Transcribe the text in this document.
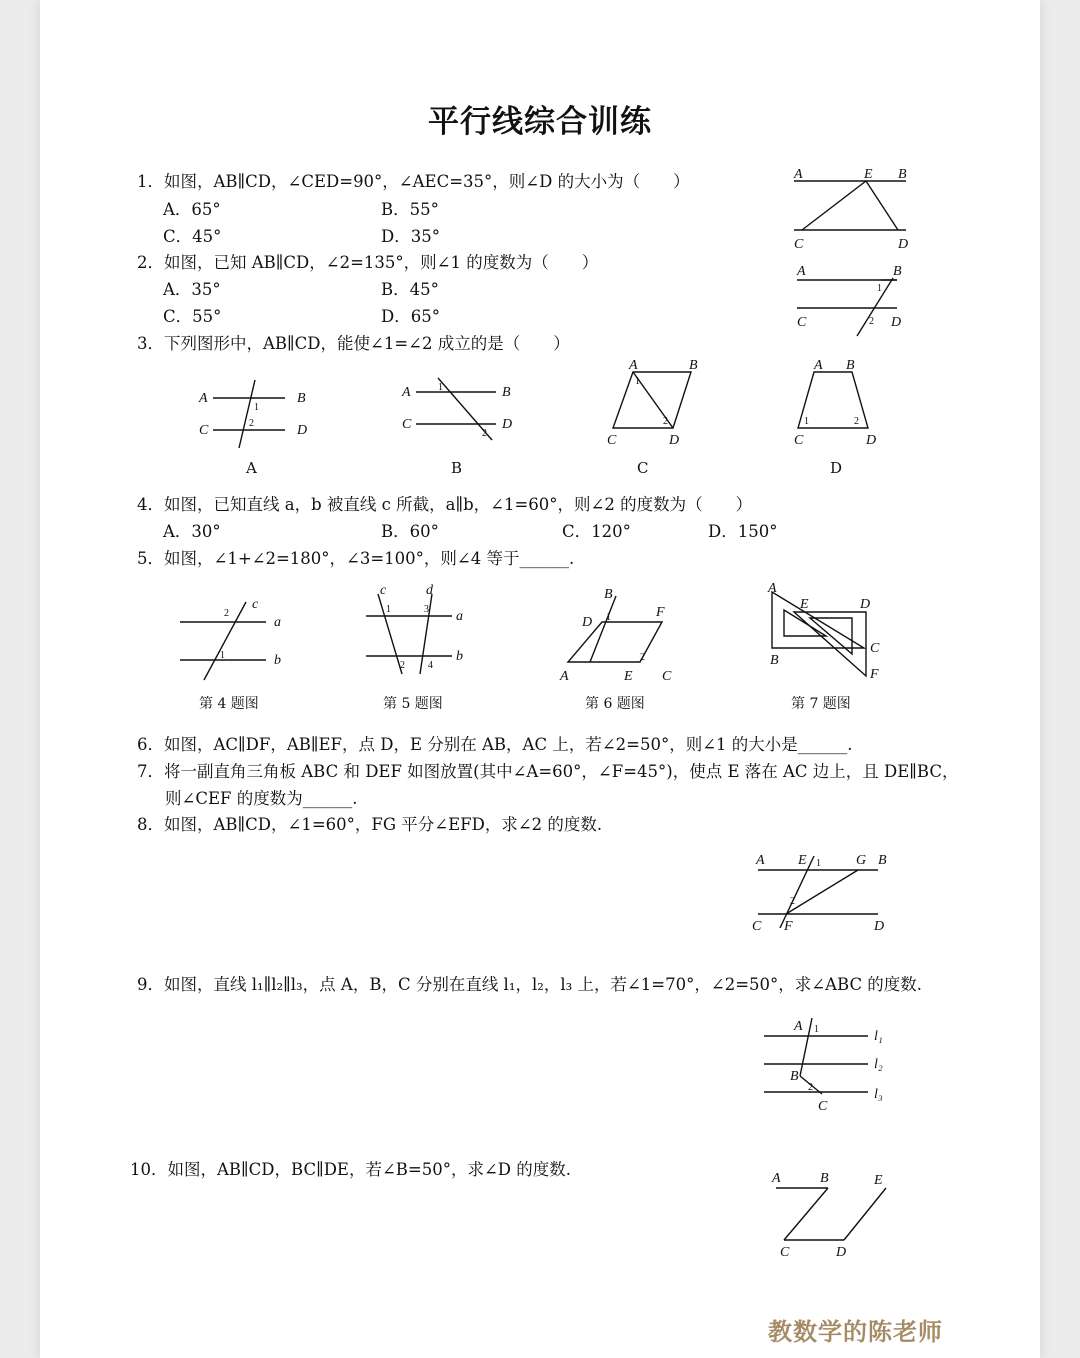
平行线综合训练
1．如图，AB∥CD，∠CED=90°，∠AEC=35°，则∠D 的大小为（　　）
A．65°	B．55°
C．45°	D．35°
2．如图，已知 AB∥CD，∠2=135°，则∠1 的度数为（　　）
A．35°	B．45°
C．55°	D．65°
A	E B
C	D
A	B
C	D
1
2
3．下列图形中，AB∥CD，能使∠1=∠2 成立的是（　　）
A	B
C	D
1
2
A
A	B
C	D
1
2
B
A	B
C	D
1
2
C
A B
C	D
1	2
D
4．如图，已知直线 a，b 被直线 c 所截，a∥b，∠1=60°，则∠2 的度数为（　　）
A．30°	B．60°	C．120°	D．150°
5．如图，∠1+∠2=180°，∠3=100°，则∠4 等于______.
c
a
b
2
1
第 4 题图
c	d
a
b
1	3
2 4
第 5 题图
B
D
F
A	E C
1
2
第 6 题图
A
E	D
C
B
F
第 7 题图
6．如图，AC∥DF，AB∥EF，点 D，E 分别在 AB，AC 上，若∠2=50°，则∠1 的大小是______.
7．将一副直角三角板 ABC 和 DEF 如图放置(其中∠A=60°，∠F=45°)，使点 E 落在 AC 边上，且 DE∥BC，
则∠CEF 的度数为______.
8．如图，AB∥CD，∠1=60°，FG 平分∠EFD，求∠2 的度数.
A E	G B
C F	D
1
2
9．如图，直线 l₁∥l₂∥l₃，点 A，B，C 分别在直线 l₁，l₂，l₃ 上，若∠1=70°，∠2=50°，求∠ABC 的度数.
A
B
C
l₁
l₂
l₃
1
2
10．如图，AB∥CD，BC∥DE，若∠B=50°，求∠D 的度数.	A	B	E
C	D
教数学的陈老师
